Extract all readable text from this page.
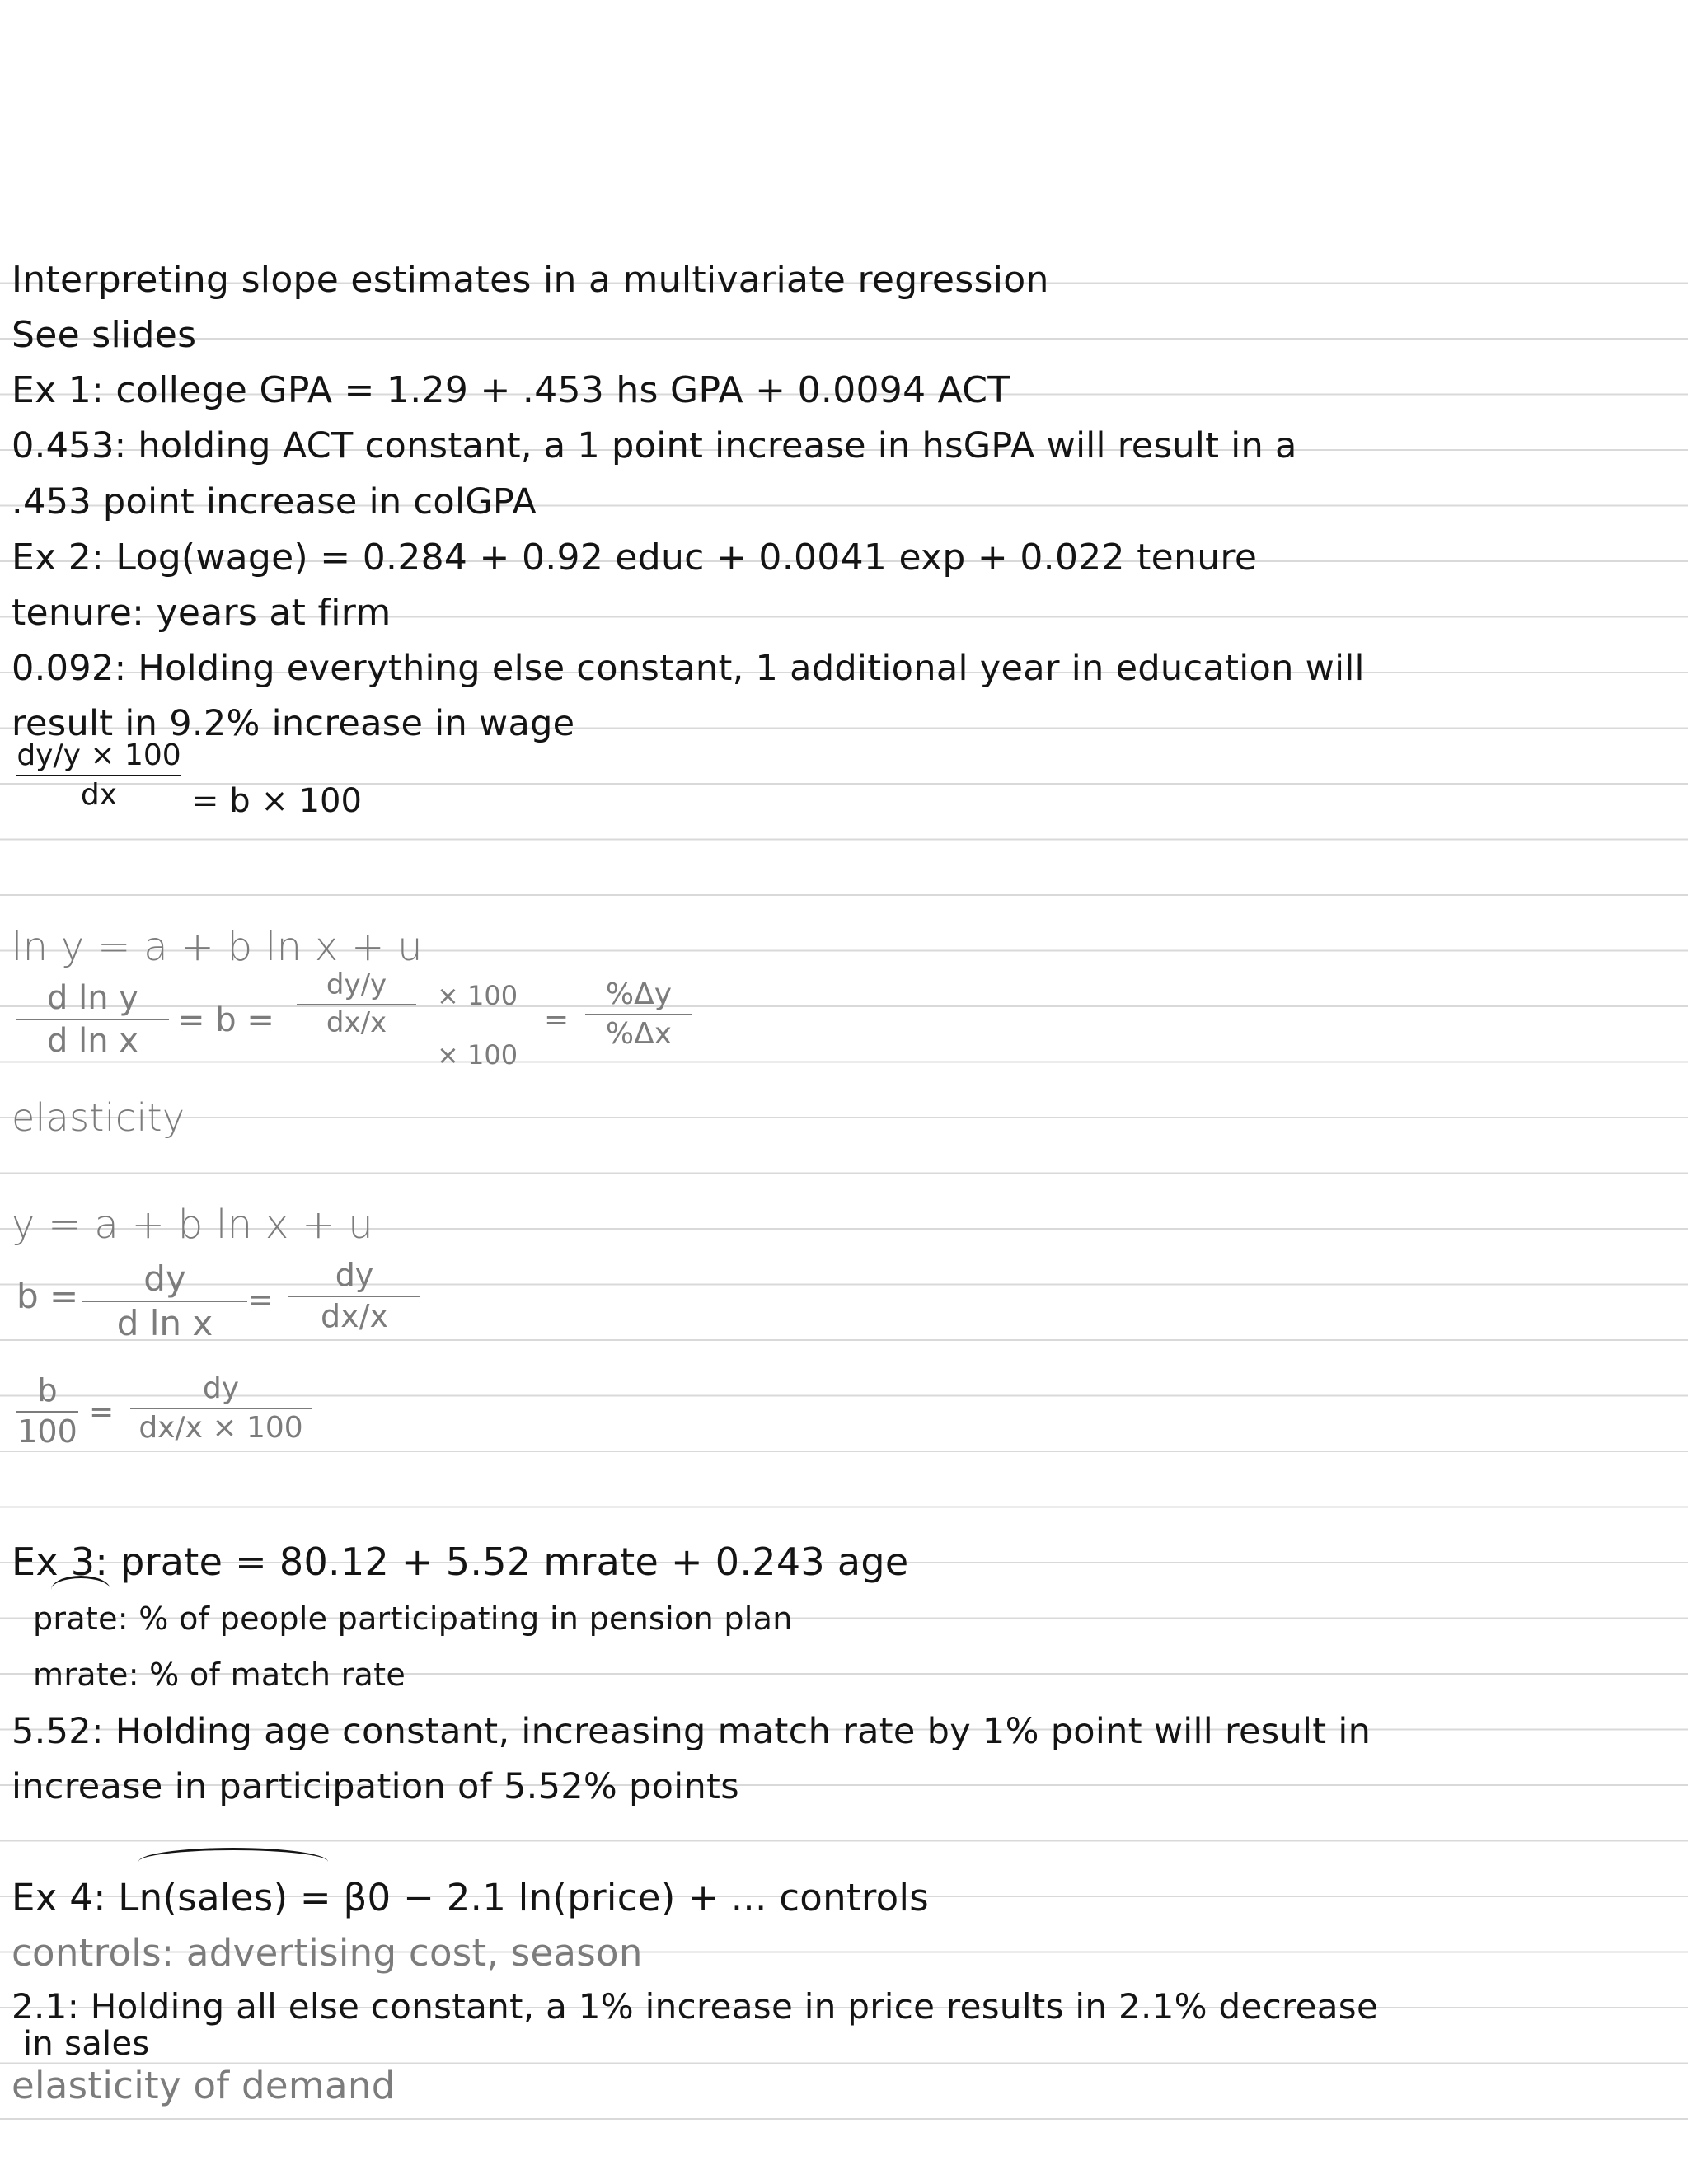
Interpreting slope estimates in a multivariate regression
See slides
Ex 1: college GPA = 1.29 + .453 hs GPA + 0.0094 ACT
0.453: holding ACT constant, a 1 point increase in hsGPA will result in a
.453 point increase in colGPA
Ex 2: Log(wage) = 0.284 + 0.92 educ + 0.0041 exp + 0.022 tenure
tenure: years at firm
0.092: Holding everything else constant, 1 additional year in education will
result in 9.2% increase in wage
dy/y × 100
dx = b × 100
ln y = a + b ln x + u
d ln y
d ln x
= b =
dy/y
dx/x
× 100
× 100
=
%Δy
%Δx
elasticity
y = a + b ln x + u
b = dy
d ln x
=
dy
dx/x
b
100
=
dy
dx/x × 100
Ex 3: prate = 80.12 + 5.52 mrate + 0.243 age
prate: % of people participating in pension plan
mrate: % of match rate
5.52: Holding age constant, increasing match rate by 1% point will result in
increase in participation of 5.52% points
Ex 4: Ln(sales) = β0 − 2.1 ln(price) + ... controls
controls: advertising cost, season
2.1: Holding all else constant, a 1% increase in price results in 2.1% decrease
in sales
elasticity of demand
